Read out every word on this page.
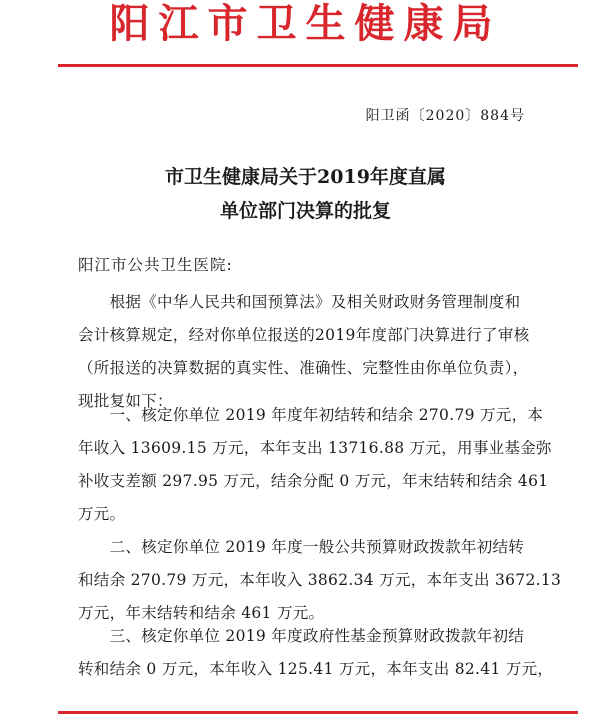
阳江市卫生健康局
阳卫函〔2020〕884号
市卫生健康局关于2019年度直属
单位部门决算的批复
阳江市公共卫生医院:
　　根据《中华人民共和国预算法》及相关财政财务管理制度和
会计核算规定，经对你单位报送的2019年度部门决算进行了审核
（所报送的决算数据的真实性、准确性、完整性由你单位负责），
现批复如下：
　　一、核定你单位 2019 年度年初结转和结余 270.79 万元，本
年收入 13609.15 万元，本年支出 13716.88 万元，用事业基金弥
补收支差额 297.95 万元，结余分配 0 万元，年末结转和结余 461
万元。
　　二、核定你单位 2019 年度一般公共预算财政拨款年初结转
和结余 270.79 万元，本年收入 3862.34 万元，本年支出 3672.13
万元，年末结转和结余 461 万元。
　　三、核定你单位 2019 年度政府性基金预算财政拨款年初结
转和结余 0 万元，本年收入 125.41 万元，本年支出 82.41 万元，
